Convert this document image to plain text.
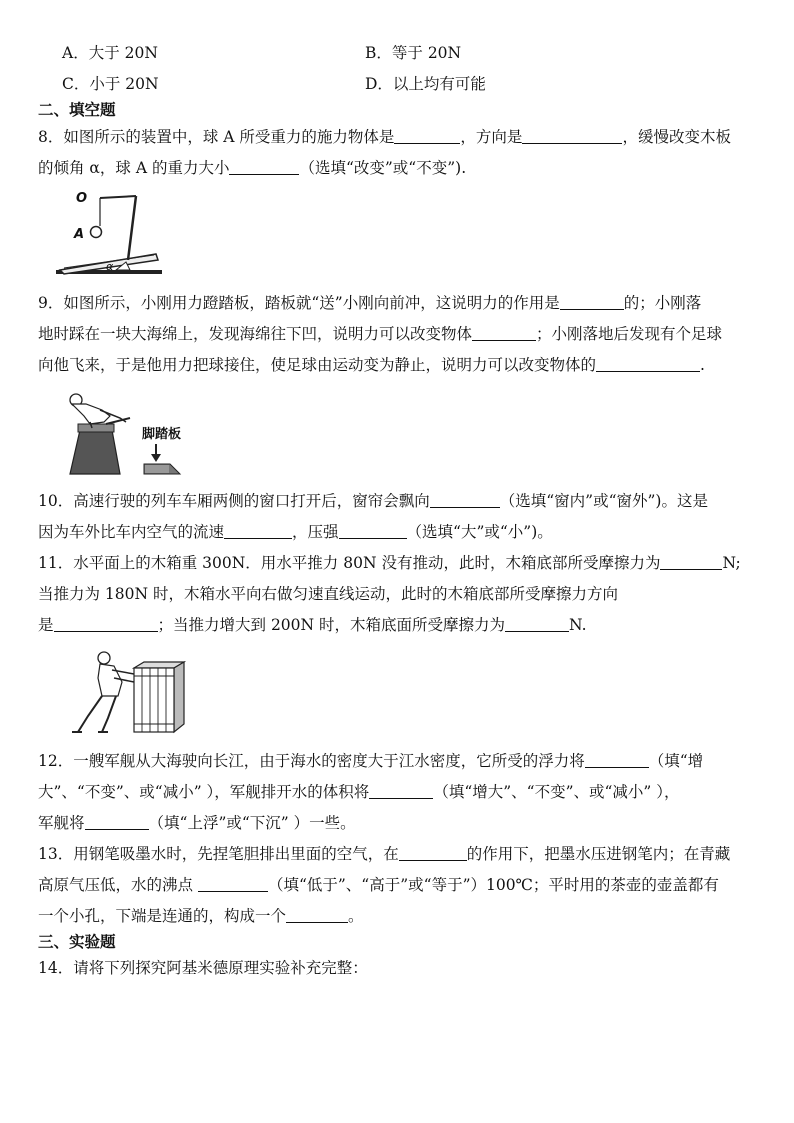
A．大于 20N	B．等于 20N
C．小于 20N	D．以上均有可能
二、填空题
8．如图所示的装置中，球 A 所受重力的施力物体是	，方向是	，缓慢改变木板
的倾角 α，球 A 的重力大小	（选填“改变”或“不变”).
O
A
α
9．如图所示，小刚用力蹬踏板，踏板就“送”小刚向前冲，这说明力的作用是	的；小刚落
地时踩在一块大海绵上，发现海绵往下凹，说明力可以改变物体	；小刚落地后发现有个足球
向他飞来，于是他用力把球接住，使足球由运动变为静止，说明力可以改变物体的	.
脚踏板
10．高速行驶的列车车厢两侧的窗口打开后，窗帘会飘向	（选填“窗内”或“窗外”)。这是
因为车外比车内空气的流速	，压强	（选填“大”或“小”)。
11．水平面上的木箱重 300N．用水平推力 80N 没有推动，此时，木箱底部所受摩擦力为	N;
当推力为 180N 时，木箱水平向右做匀速直线运动，此时的木箱底部所受摩擦力方向
是	；当推力增大到 200N 时，木箱底面所受摩擦力为	N.
12．一艘军舰从大海驶向长江，由于海水的密度大于江水密度，它所受的浮力将	（填“增
大”、“不变”、或“减小” ），军舰排开水的体积将	（填“增大”、“不变”、或“减小” ），
军舰将	（填“上浮”或“下沉” ）一些。
13．用钢笔吸墨水时，先捏笔胆排出里面的空气，在	的作用下，把墨水压进钢笔内；在青藏
高原气压低，水的沸点	（填“低于”、“高于”或“等于”）100℃；平时用的茶壶的壶盖都有
一个小孔，下端是连通的，构成一个	。
三、实验题
14．请将下列探究阿基米德原理实验补充完整：
